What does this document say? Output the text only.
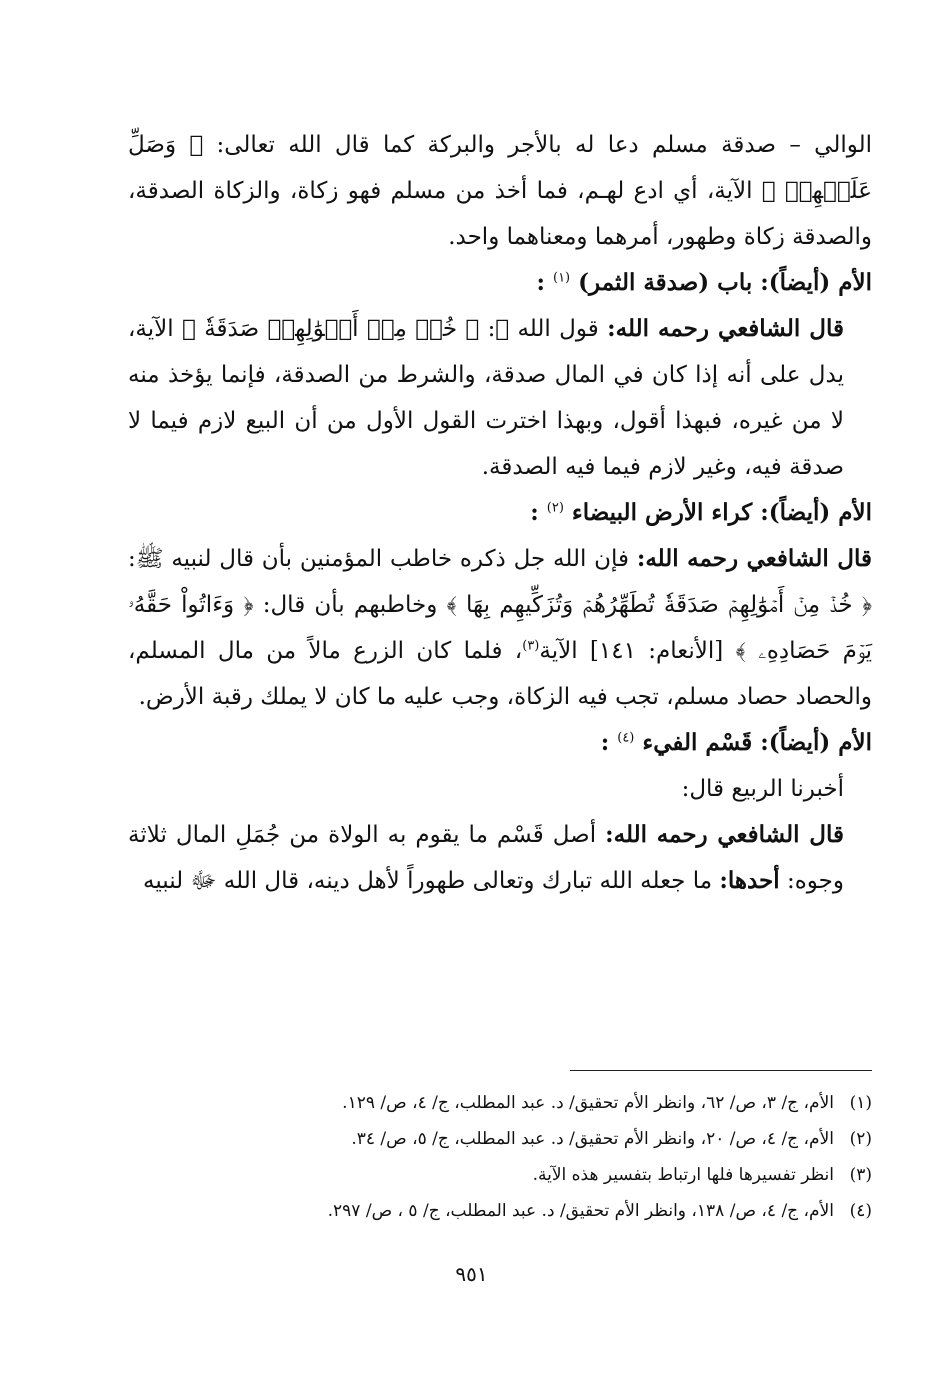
الوالي – صدقة مسلم دعا له بالأجر والبركة كما قال الله تعالى: ﴿ وَصَلِّ عَلَيۡهِمۡ ﴾ الآية، أي ادع لهـم، فما أخذ من مسلم فهو زكاة، والزكاة الصدقة، والصدقة زكاة وطهور، أمرهما ومعناهما واحد.

الأم (أيضاً): باب (صدقة الثمر) $^{(١)}$ :

قال الشافعي رحمه الله: قول الله ﷻ: ﴿ خُذۡ مِنۡ أَمۡوَٰلِهِمۡ صَدَقَةٗ ﴾ الآية، يدل على أنه إذا كان في المال صدقة، والشرط من الصدقة، فإنما يؤخذ منه لا من غيره، فبهذا أقول، وبهذا اخترت القول الأول من أن البيع لازم فيما لا صدقة فيه، وغير لازم فيما فيه الصدقة.

الأم (أيضاً): كراء الأرض البيضاء $^{(٢)}$ :

قال الشافعي رحمه الله: فإن الله جل ذكره خاطب المؤمنين بأن قال لنبيه ﷺ: ﴿ خُذۡ مِنۡ أَمۡوَٰلِهِمۡ صَدَقَةٗ تُطَهِّرُهُمۡ وَتُزَكِّيهِم بِهَا ﴾ وخاطبهم بأن قال: ﴿ وَءَاتُواْ حَقَّهُۥ يَوۡمَ حَصَادِهِۦ ﴾ [الأنعام: ١٤١] الآية$^{(٣)}$، فلما كان الزرع مالاً من مال المسلم، والحصاد حصاد مسلم، تجب فيه الزكاة، وجب عليه ما كان لا يملك رقبة الأرض.

الأم (أيضاً): قَسْم الفيء $^{(٤)}$ :

أخبرنا الربيع قال:

قال الشافعي رحمه الله: أصل قَسْم ما يقوم به الولاة من جُمَلِ المال ثلاثة وجوه: أحدها: ما جعله الله تبارك وتعالى طهوراً لأهل دينه، قال الله ﷻ لنبيه

(١)الأم، ج/ ٣، ص/ ٦٢، وانظر الأم تحقيق/ د. عبد المطلب، ج/ ٤، ص/ ١٢٩.

(٢)الأم، ج/ ٤، ص/ ٢٠، وانظر الأم تحقيق/ د. عبد المطلب، ج/ ٥، ص/ ٣٤.

(٣)انظر تفسيرها فلها ارتباط بتفسير هذه الآية.

(٤)الأم، ج/ ٤، ص/ ١٣٨، وانظر الأم تحقيق/ د. عبد المطلب، ج/ ٥ ، ص/ ٢٩٧.

٩٥١
